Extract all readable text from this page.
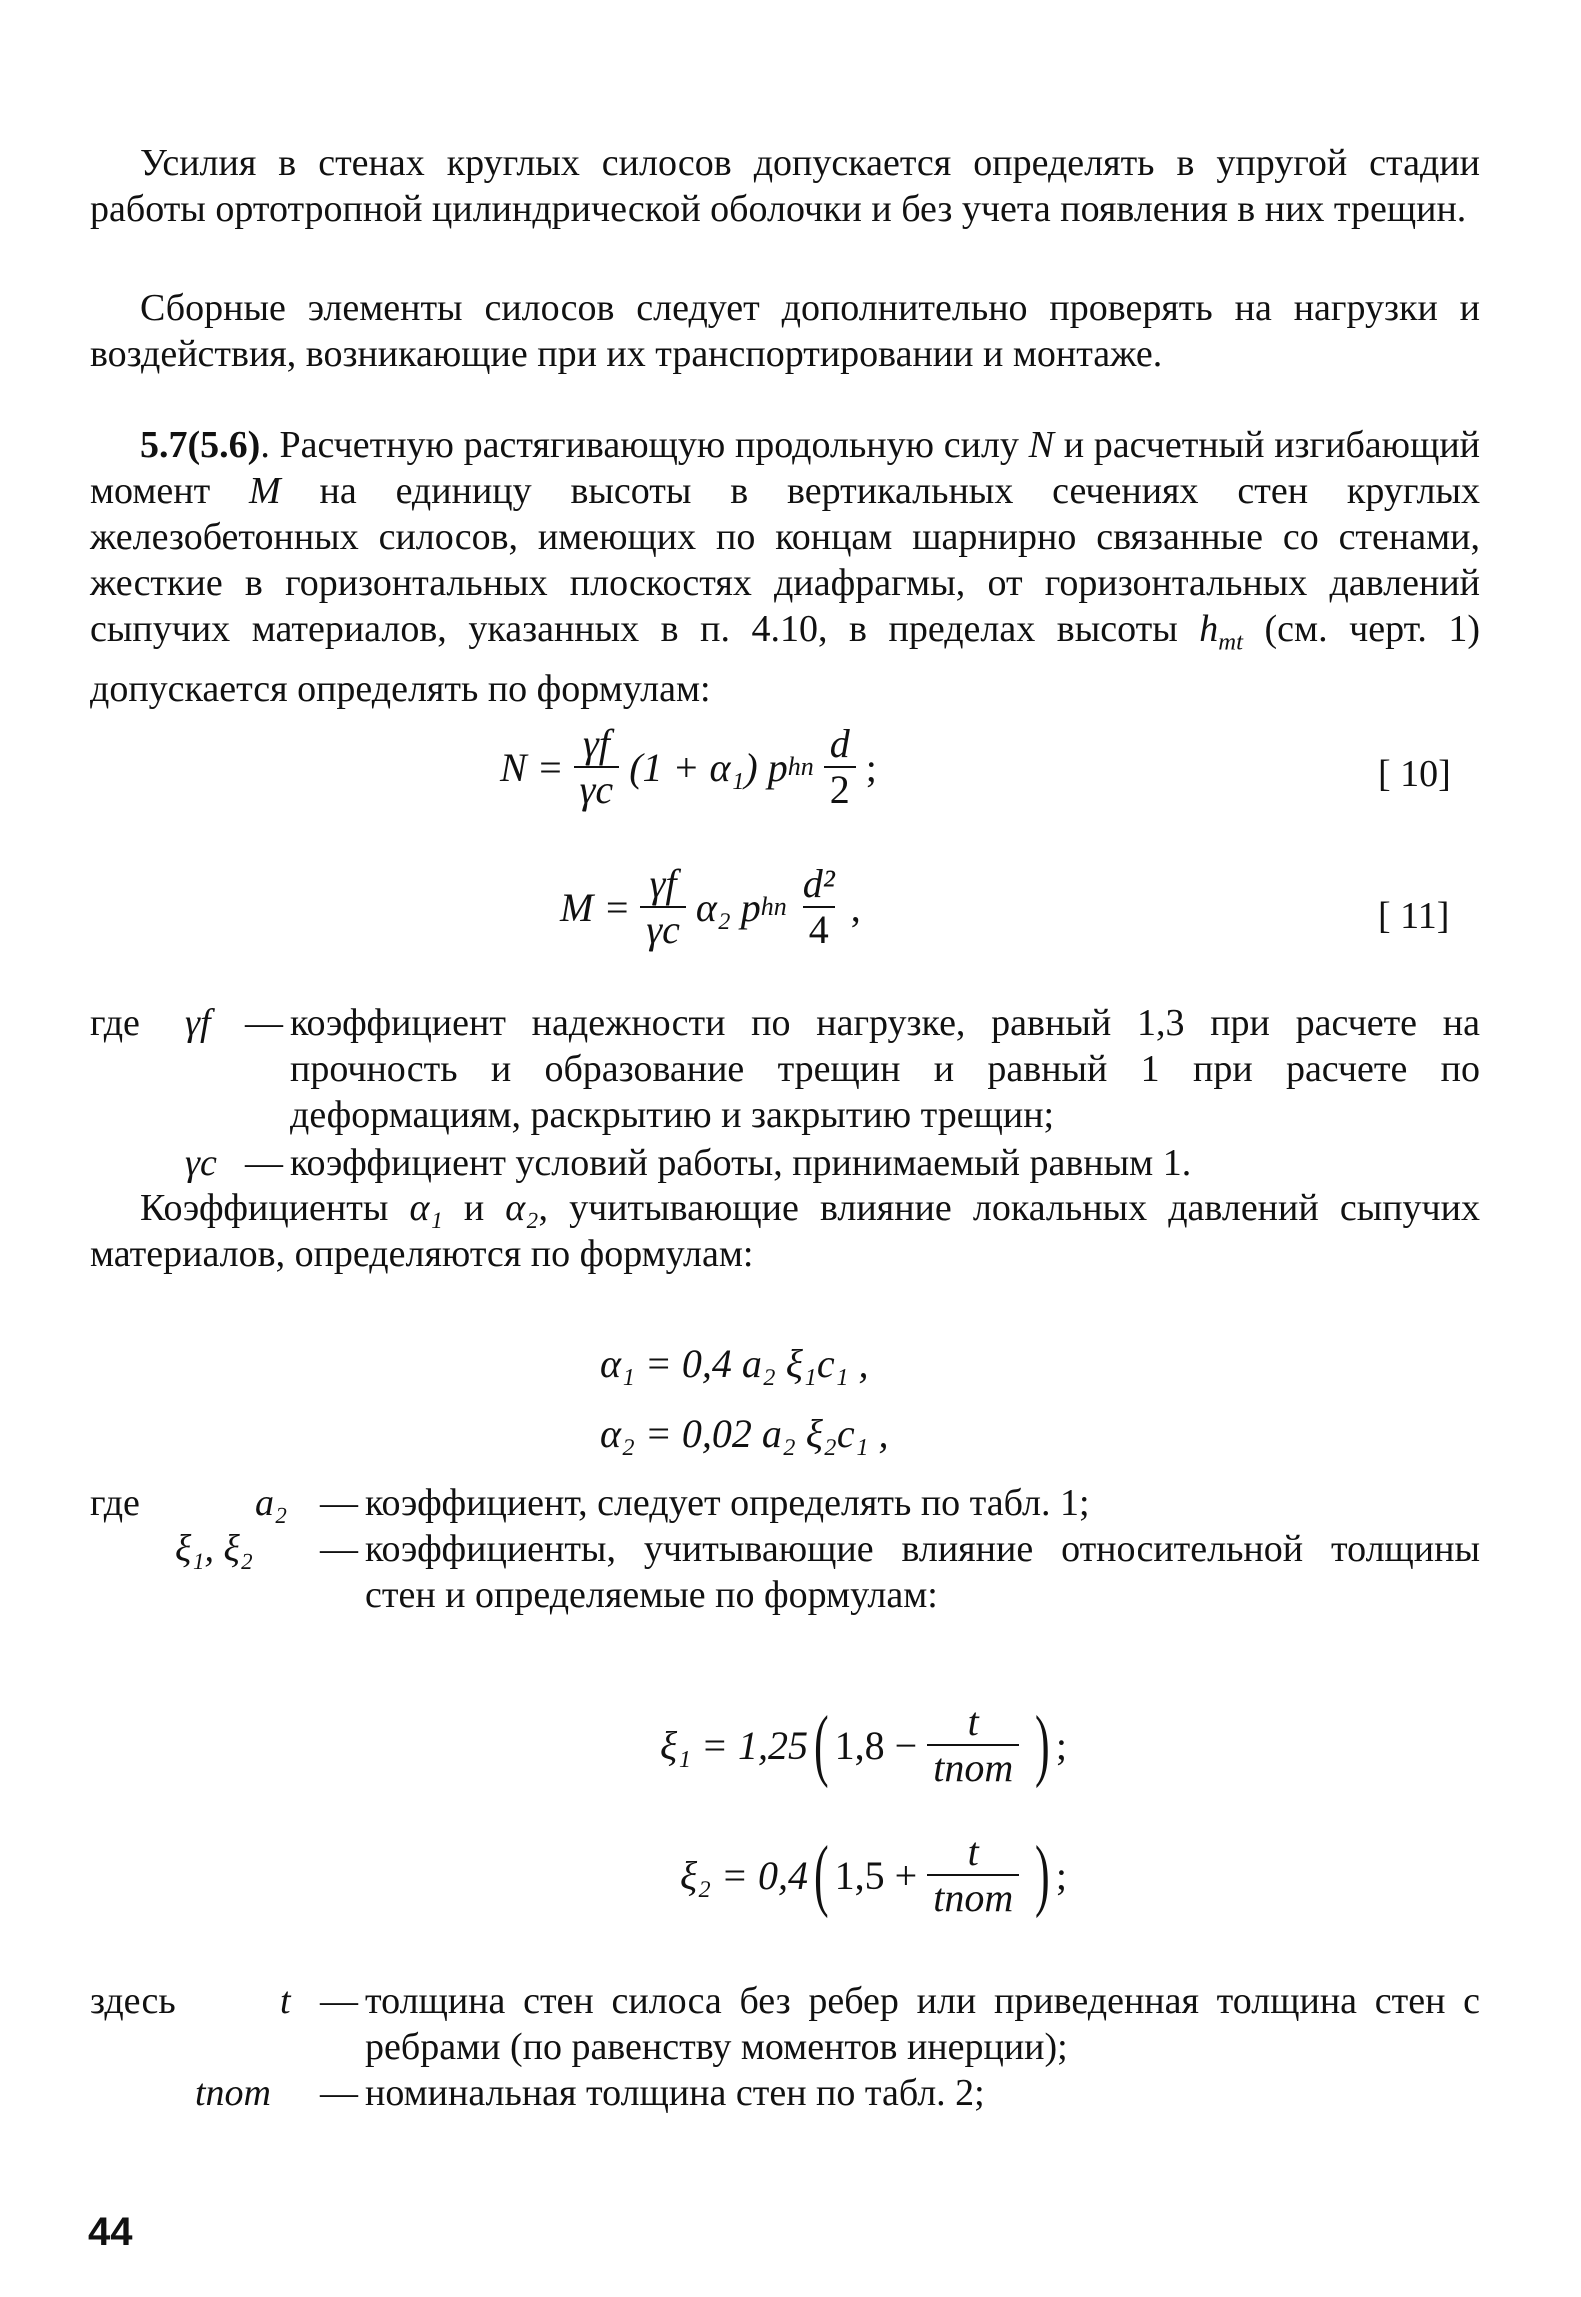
Усилия в стенах круглых силосов допускается определять в упругой стадии работы ортотропной цилиндрической оболочки и без учета появления в них трещин.
Сборные элементы силосов следует дополнительно проверять на нагрузки и воздействия, возникающие при их транспортировании и монтаже.
5.7(5.6). Расчетную растягивающую продольную силу N и расчетный изгибающий момент M на единицу высоты в вертикальных сечениях стен круглых железобетонных силосов, имеющих по концам шарнирно связанные со стенами, жесткие в горизонтальных плоскостях диафрагмы, от горизонтальных давлений сыпучих материалов, указанных в п. 4.10, в пределах высоты $h_{mt}$ (см. черт. 1) допускается определять по формулам:
$N = \frac{\gamma f}{\gamma c} (1 + \alpha_1)$ p h n $\frac{d}{2}$ ;	[ 10]
$M = \frac{\gamma f}{\gamma c} \alpha_2$ p h n $\frac{\text{d²}}{4}$ ,	[ 11]
где γf — коэффициент надежности по нагрузке, равный 1,3 при расчете на прочность и образование трещин и равный 1 при расчете по деформациям, раскрытию и закрытию трещин;
γc — коэффициент условий работы, принимаемый равным 1.
Коэффициенты α₁ и α₂, учитывающие влияние локальных давлений сыпучих материалов, определяются по формулам:
α₁ = 0,4 a₂ ξ₁c₁ ,
α₂ = 0,02 a₂ ξ₂c₁ ,
где	a₂ — коэффициент, следует определять по табл. 1;
ξ₁, ξ₂ — коэффициенты, учитывающие влияние относительной толщины стен и определяемые по формулам:
ξ₁ = 1,25 ( $1,8 - \frac{t}{\text{tnom}}$ ) ;
ξ₂ = 0,4 ( $1,5 + \frac{t}{\text{tnom}}$ ) ;
здесь	t — толщина стен силоса без ребер или приведенная толщина стен с ребрами (по равенству моментов инерции);
tnom — номинальная толщина стен по табл. 2;
44
